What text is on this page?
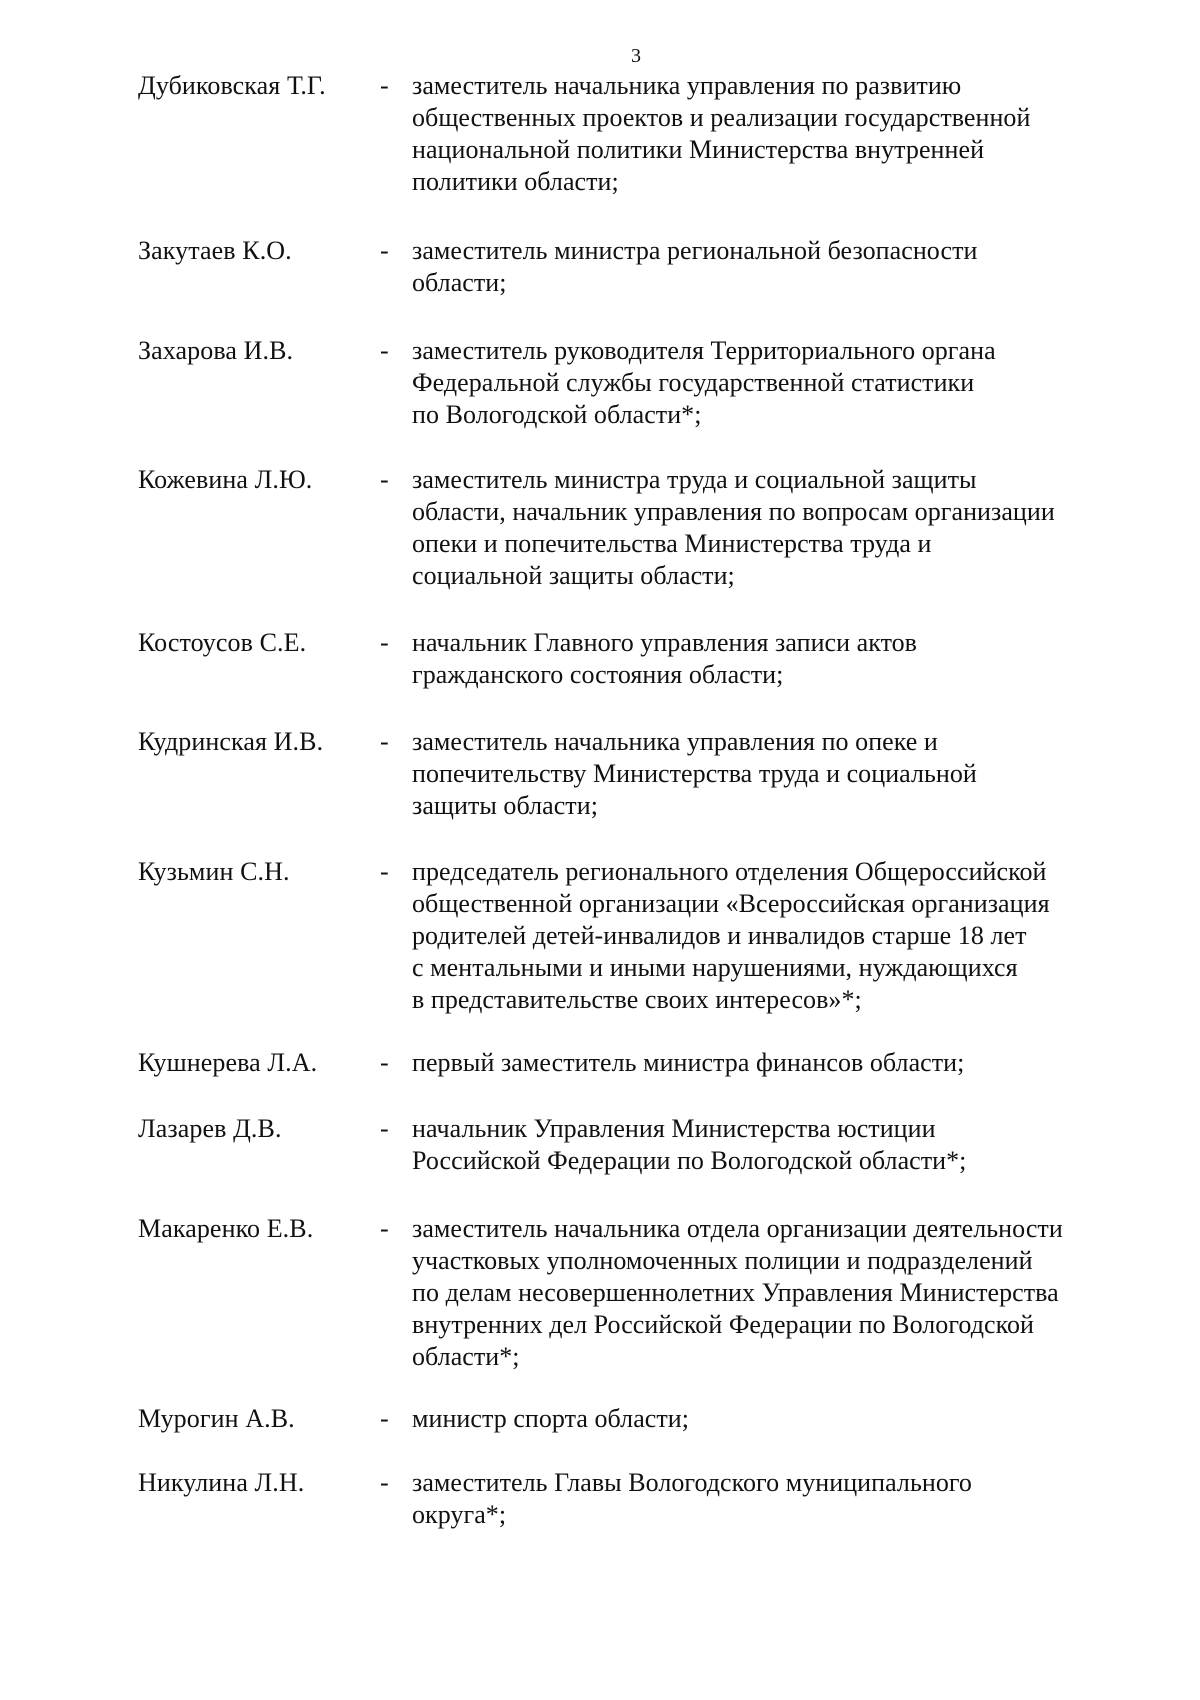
3
Дубиковская Т.Г. - заместитель начальника управления по развитию
общественных проектов и реализации государственной
национальной политики Министерства внутренней
политики области;
Закутаев К.О.	- заместитель министра региональной безопасности
области;
Захарова И.В.	- заместитель руководителя Территориального органа
Федеральной службы государственной статистики
по Вологодской области*;
Кожевина Л.Ю.	- заместитель министра труда и социальной защиты
области, начальник управления по вопросам организации
опеки и попечительства Министерства труда и
социальной защиты области;
Костоусов С.Е.	- начальник Главного управления записи актов
гражданского состояния области;
Кудринская И.В. - заместитель начальника управления по опеке и
попечительству Министерства труда и социальной
защиты области;
Кузьмин С.Н.	- председатель регионального отделения Общероссийской
общественной организации «Всероссийская организация
родителей детей-инвалидов и инвалидов старше 18 лет
с ментальными и иными нарушениями, нуждающихся
в представительстве своих интересов»*;
Кушнерева Л.А. - первый заместитель министра финансов области;
Лазарев Д.В.	- начальник Управления Министерства юстиции
Российской Федерации по Вологодской области*;
Макаренко Е.В.	- заместитель начальника отдела организации деятельности
участковых уполномоченных полиции и подразделений
по делам несовершеннолетних Управления Министерства
внутренних дел Российской Федерации по Вологодской
области*;
Мурогин А.В.	- министр спорта области;
Никулина Л.Н.	- заместитель Главы Вологодского муниципального
округа*;
